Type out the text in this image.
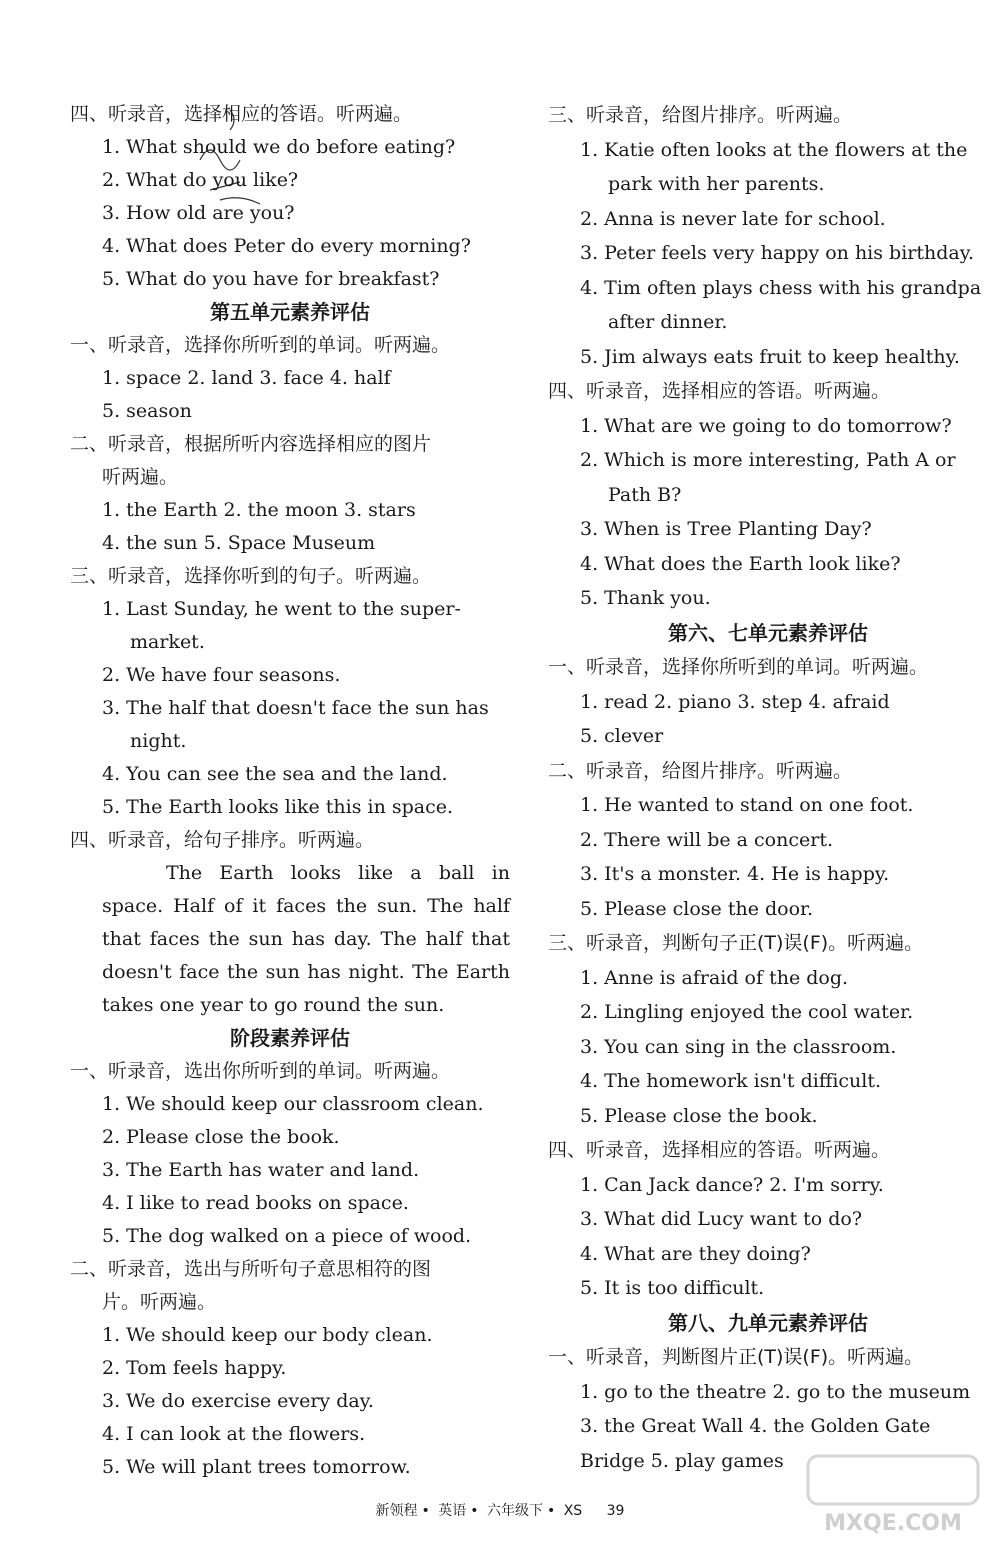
四、听录音，选择相应的答语。听两遍。
1. What should we do before eating?
2. What do you like?
3. How old are you?
4. What does Peter do every morning?
5. What do you have for breakfast?
第五单元素养评估
一、听录音，选择你所听到的单词。听两遍。
1. space 2. land 3. face 4. half
5. season
二、听录音，根据所听内容选择相应的图片
听两遍。
1. the Earth 2. the moon 3. stars
4. the sun 5. Space Museum
三、听录音，选择你听到的句子。听两遍。
1. Last Sunday, he went to the super-
market.
2. We have four seasons.
3. The half that doesn't face the sun has
night.
4. You can see the sea and the land.
5. The Earth looks like this in space.
四、听录音，给句子排序。听两遍。
The Earth looks like a ball in space. Half of it faces the sun. The half that faces the sun has day. The half that doesn't face the sun has night. The Earth takes one year to go round the sun.
阶段素养评估
一、听录音，选出你所听到的单词。听两遍。
1. We should keep our classroom clean.
2. Please close the book.
3. The Earth has water and land.
4. I like to read books on space.
5. The dog walked on a piece of wood.
二、听录音，选出与所听句子意思相符的图
片。听两遍。
1. We should keep our body clean.
2. Tom feels happy.
3. We do exercise every day.
4. I can look at the flowers.
5. We will plant trees tomorrow.
三、听录音，给图片排序。听两遍。
1. Katie often looks at the flowers at the
park with her parents.
2. Anna is never late for school.
3. Peter feels very happy on his birthday.
4. Tim often plays chess with his grandpa
after dinner.
5. Jim always eats fruit to keep healthy.
四、听录音，选择相应的答语。听两遍。
1. What are we going to do tomorrow?
2. Which is more interesting, Path A or
Path B?
3. When is Tree Planting Day?
4. What does the Earth look like?
5. Thank you.
第六、七单元素养评估
一、听录音，选择你所听到的单词。听两遍。
1. read 2. piano 3. step 4. afraid
5. clever
二、听录音，给图片排序。听两遍。
1. He wanted to stand on one foot.
2. There will be a concert.
3. It's a monster. 4. He is happy.
5. Please close the door.
三、听录音，判断句子正(T)误(F)。听两遍。
1. Anne is afraid of the dog.
2. Lingling enjoyed the cool water.
3. You can sing in the classroom.
4. The homework isn't difficult.
5. Please close the book.
四、听录音，选择相应的答语。听两遍。
1. Can Jack dance? 2. I'm sorry.
3. What did Lucy want to do?
4. What are they doing?
5. It is too difficult.
第八、九单元素养评估
一、听录音，判断图片正(T)误(F)。听两遍。
1. go to the theatre 2. go to the museum
3. the Great Wall 4. the Golden Gate
Bridge 5. play games
新领程 • 英语 • 六年级下 • XS 39	MXQE.COM
